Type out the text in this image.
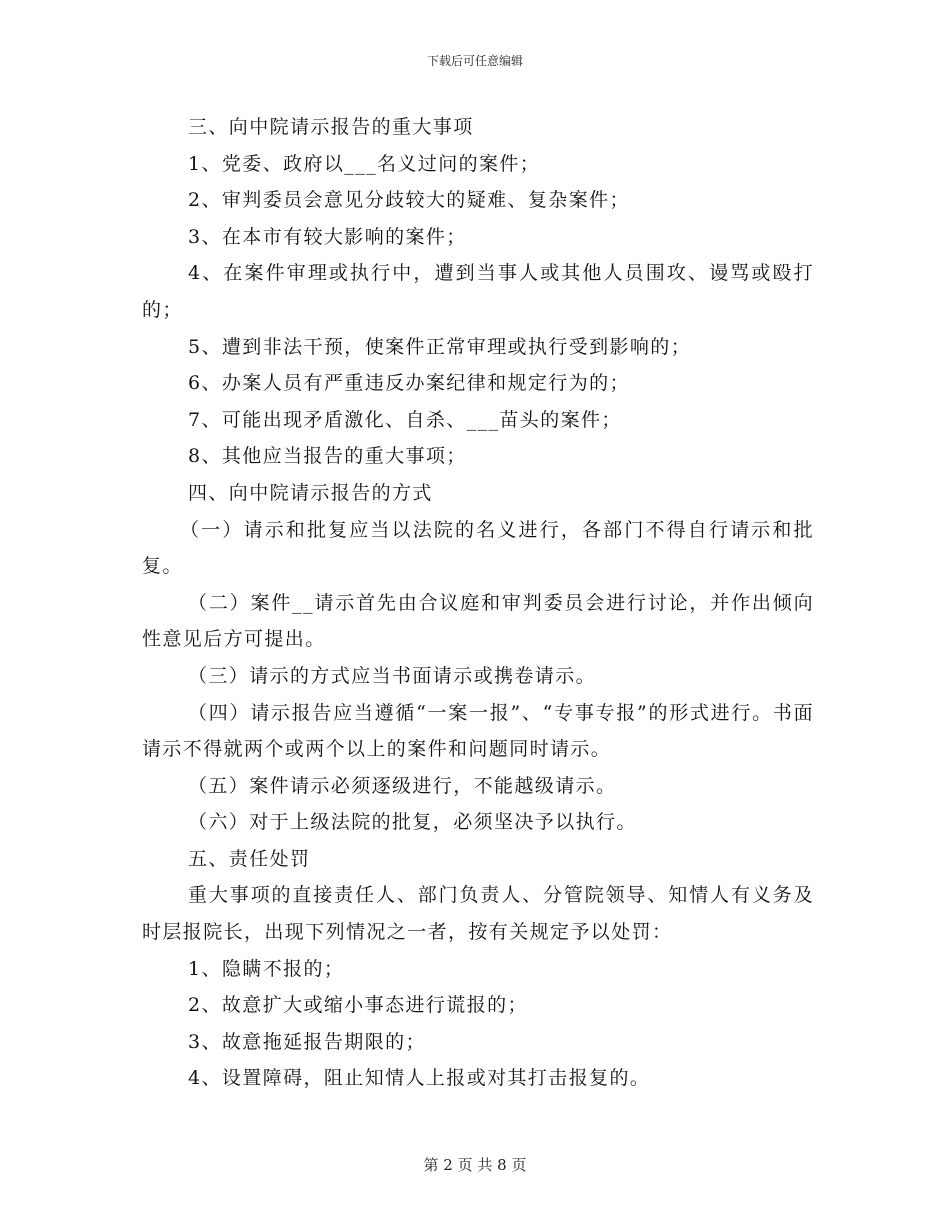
下载后可任意编辑

三、向中院请示报告的重大事项

1、党委、政府以___名义过问的案件；

2、审判委员会意见分歧较大的疑难、复杂案件；

3、在本市有较大影响的案件；

4、在案件审理或执行中，遭到当事人或其他人员围攻、谩骂或殴打的；

5、遭到非法干预，使案件正常审理或执行受到影响的；

6、办案人员有严重违反办案纪律和规定行为的；

7、可能出现矛盾激化、自杀、___苗头的案件；

8、其他应当报告的重大事项；

四、向中院请示报告的方式

（一）请示和批复应当以法院的名义进行，各部门不得自行请示和批复。

（二）案件__请示首先由合议庭和审判委员会进行讨论，并作出倾向性意见后方可提出。

（三）请示的方式应当书面请示或携卷请示。

（四）请示报告应当遵循“一案一报”、“专事专报”的形式进行。书面请示不得就两个或两个以上的案件和问题同时请示。

（五）案件请示必须逐级进行，不能越级请示。

（六）对于上级法院的批复，必须坚决予以执行。

五、责任处罚

重大事项的直接责任人、部门负责人、分管院领导、知情人有义务及时层报院长，出现下列情况之一者，按有关规定予以处罚：

1、隐瞒不报的；

2、故意扩大或缩小事态进行谎报的；

3、故意拖延报告期限的；

4、设置障碍，阻止知情人上报或对其打击报复的。

第 2 页 共 8 页
